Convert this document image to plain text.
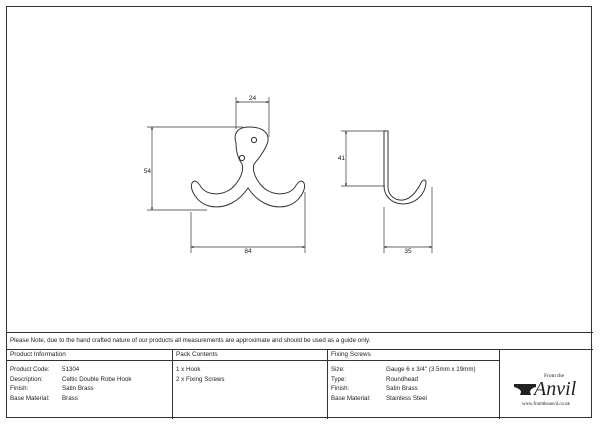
24
54
84
41
35
Please Note, due to the hand crafted nature of our products all measurements are approximate and should be used as a guide only.
Product Information
Product Code: 51304
Description:	Celtic Double Robe Hook
Finish:	Satin Brass
Base Material: Brass
Pack Contents
1 x Hook
2 x Fixing Screws
Fixing Screws
Size:	Gauge 6 x 3/4" (3.5mm x 19mm)
Type:	Roundhead
Finish:	Satin Brass
Base Material: Stainless Steel
From the
Anvil
www.fromtheanvil.co.uk
